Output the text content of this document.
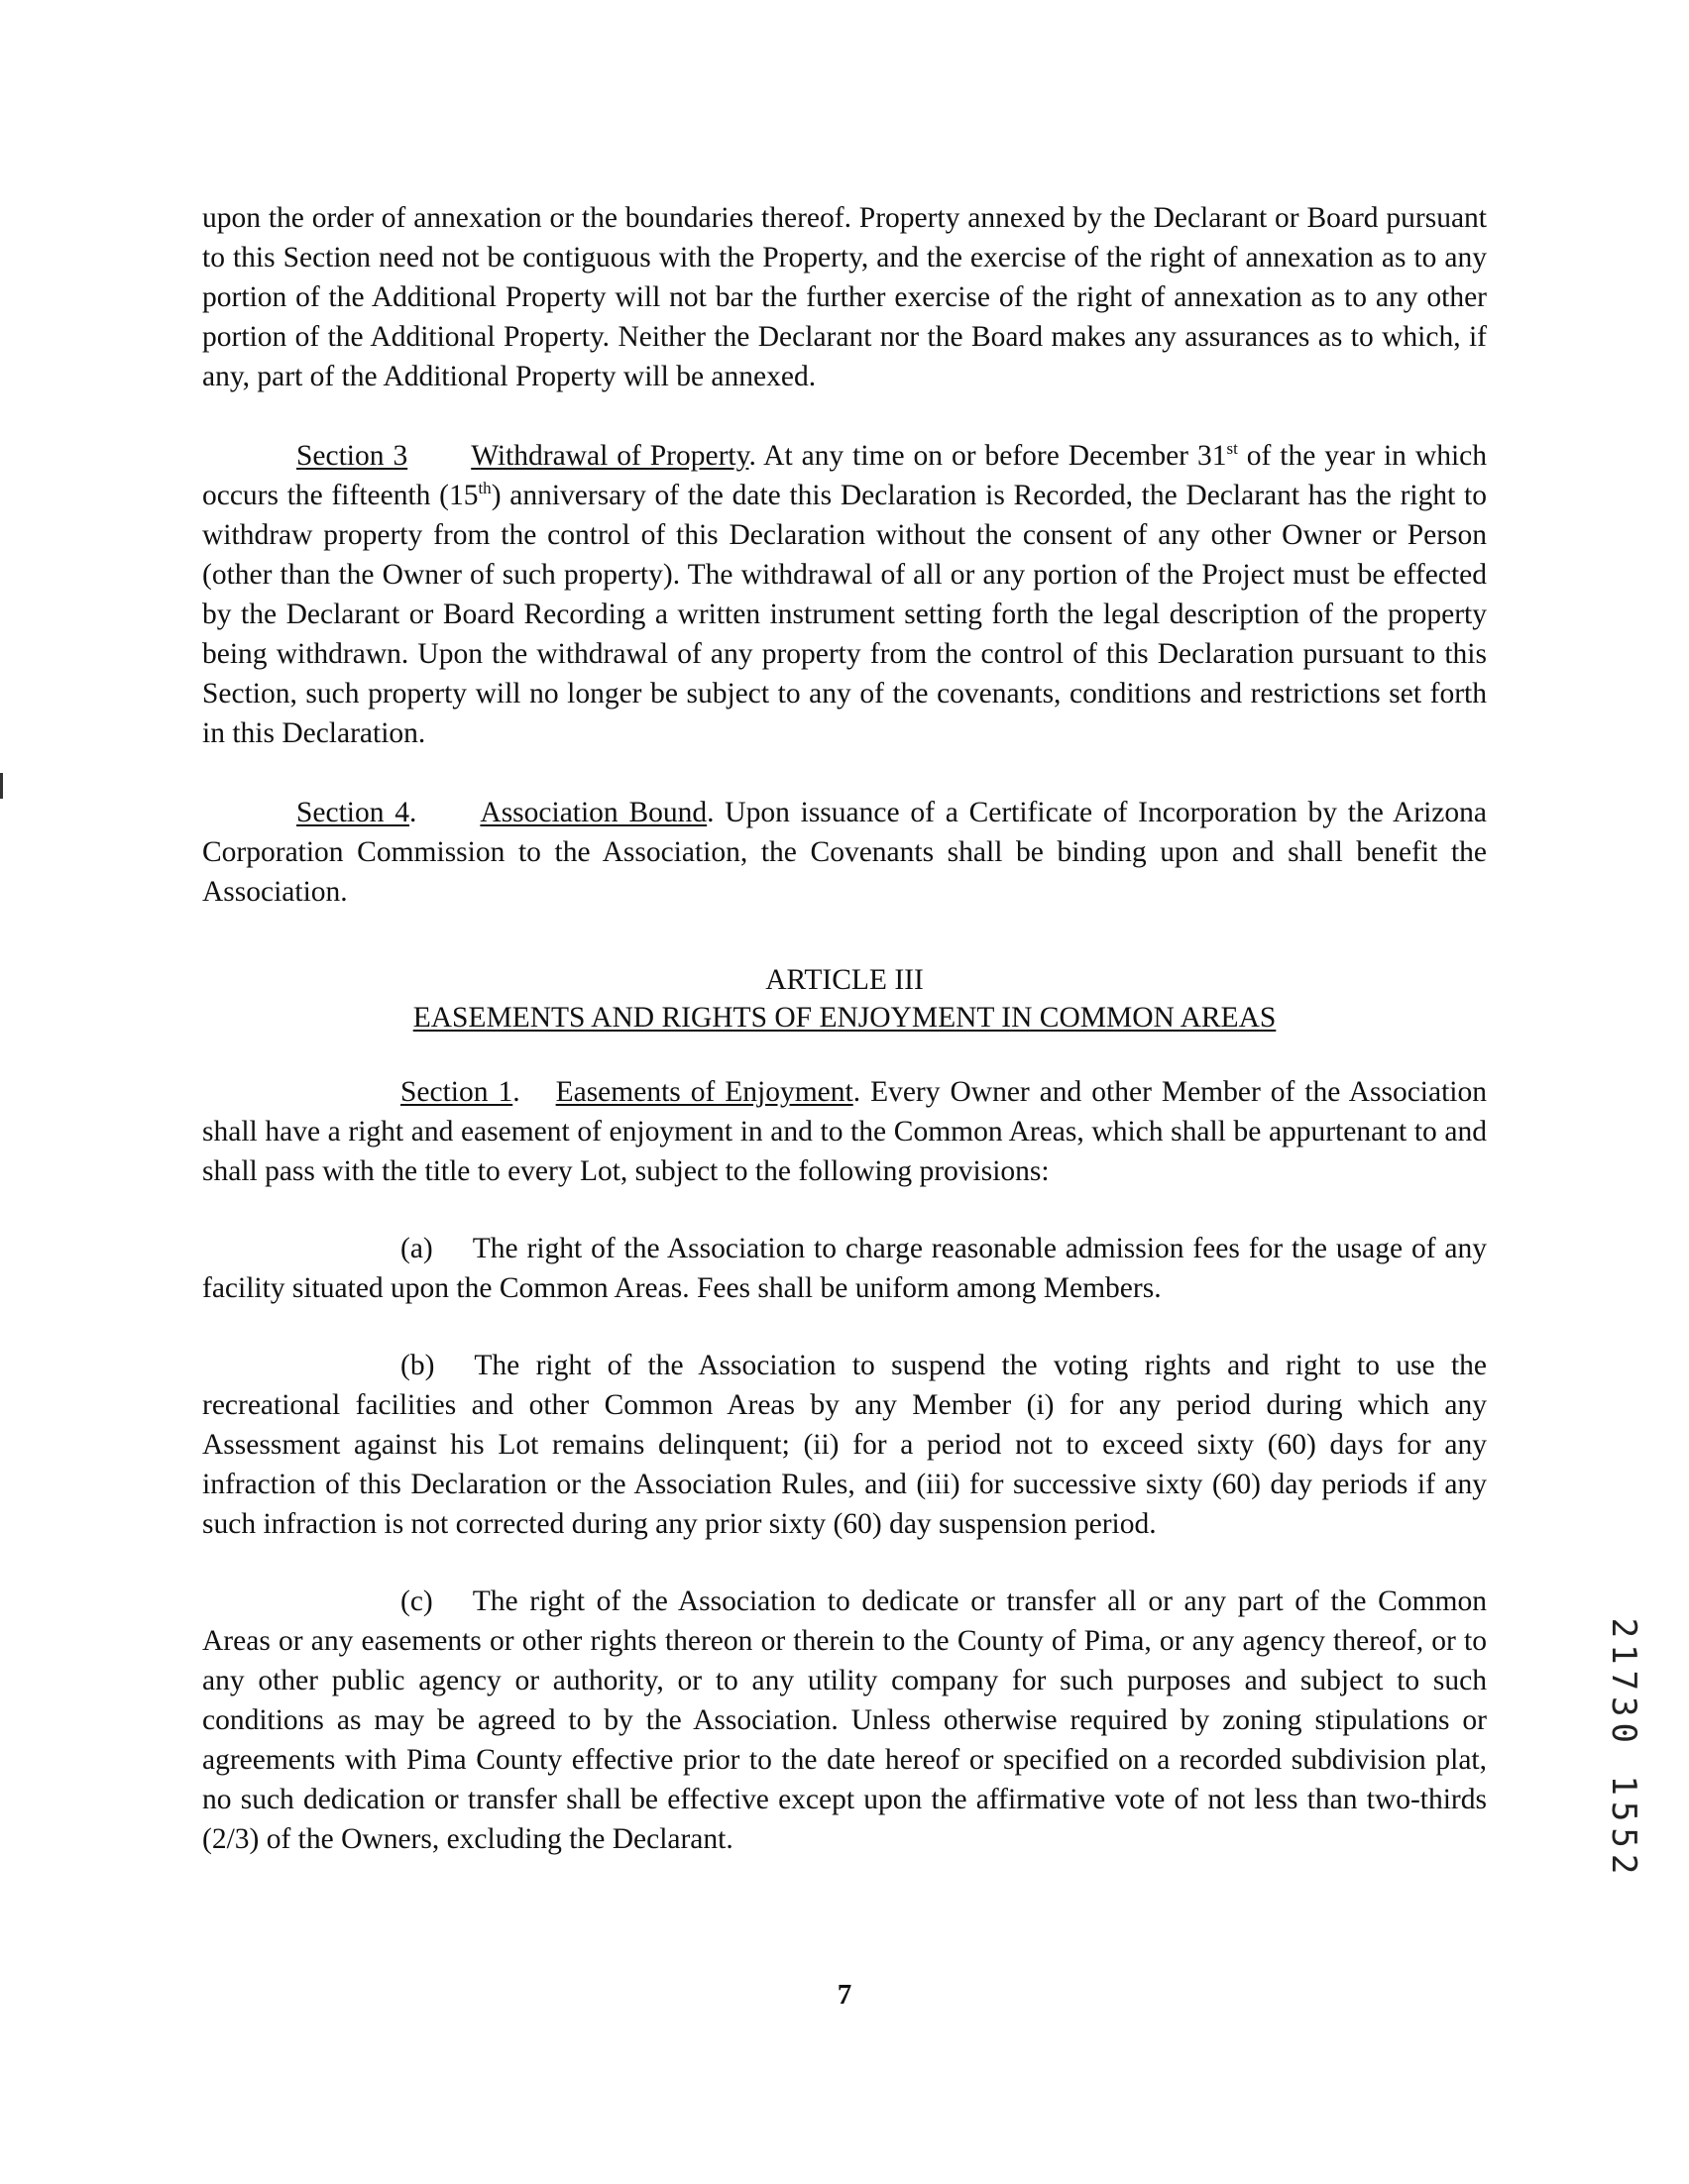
upon the order of annexation or the boundaries thereof. Property annexed by the Declarant or Board pursuant to this Section need not be contiguous with the Property, and the exercise of the right of annexation as to any portion of the Additional Property will not bar the further exercise of the right of annexation as to any other portion of the Additional Property. Neither the Declarant nor the Board makes any assurances as to which, if any, part of the Additional Property will be annexed.

Section 3 Withdrawal of Property. At any time on or before December 31st of the year in which occurs the fifteenth (15th) anniversary of the date this Declaration is Recorded, the Declarant has the right to withdraw property from the control of this Declaration without the consent of any other Owner or Person (other than the Owner of such property). The withdrawal of all or any portion of the Project must be effected by the Declarant or Board Recording a written instrument setting forth the legal description of the property being withdrawn. Upon the withdrawal of any property from the control of this Declaration pursuant to this Section, such property will no longer be subject to any of the covenants, conditions and restrictions set forth in this Declaration.

Section 4. Association Bound. Upon issuance of a Certificate of Incorporation by the Arizona Corporation Commission to the Association, the Covenants shall be binding upon and shall benefit the Association.

ARTICLE III
EASEMENTS AND RIGHTS OF ENJOYMENT IN COMMON AREAS

Section 1. Easements of Enjoyment. Every Owner and other Member of the Association shall have a right and easement of enjoyment in and to the Common Areas, which shall be appurtenant to and shall pass with the title to every Lot, subject to the following provisions:

(a) The right of the Association to charge reasonable admission fees for the usage of any facility situated upon the Common Areas. Fees shall be uniform among Members.

(b) The right of the Association to suspend the voting rights and right to use the recreational facilities and other Common Areas by any Member (i) for any period during which any Assessment against his Lot remains delinquent; (ii) for a period not to exceed sixty (60) days for any infraction of this Declaration or the Association Rules, and (iii) for successive sixty (60) day periods if any such infraction is not corrected during any prior sixty (60) day suspension period.

(c) The right of the Association to dedicate or transfer all or any part of the Common Areas or any easements or other rights thereon or therein to the County of Pima, or any agency thereof, or to any other public agency or authority, or to any utility company for such purposes and subject to such conditions as may be agreed to by the Association. Unless otherwise required by zoning stipulations or agreements with Pima County effective prior to the date hereof or specified on a recorded subdivision plat, no such dedication or transfer shall be effective except upon the affirmative vote of not less than two-thirds (2/3) of the Owners, excluding the Declarant.

7
21730 1552
